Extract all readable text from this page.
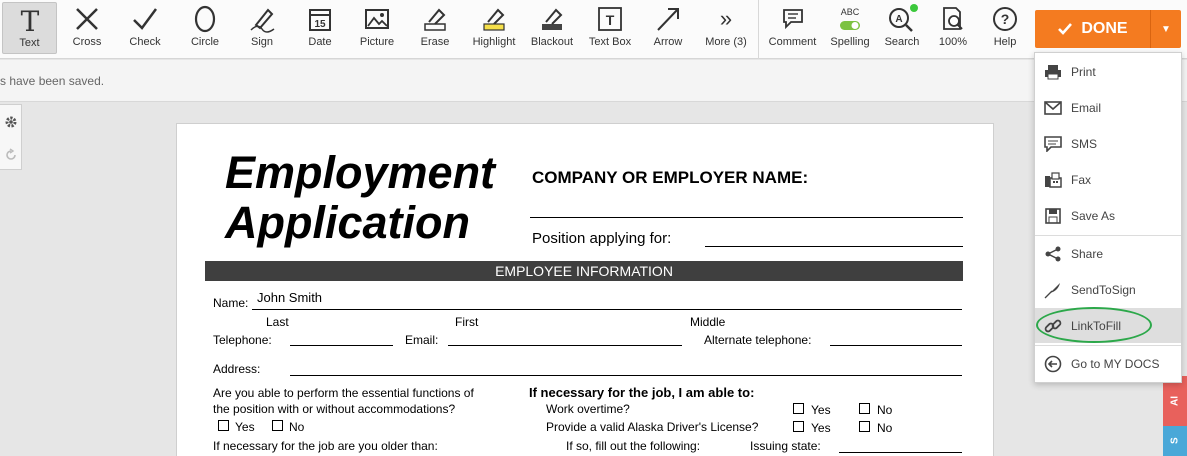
T
Text	Cross	Check	Circle	Sign
15
Date	Picture Erase Highlight Blackout
T
Text Box Arrow
»
More (3) Comment
ABC
Spelling
A
Search 100%
?
Help
DONE	▼
s have been saved.
Employment
Application
COMPANY OR EMPLOYER NAME:
Position applying for:
EMPLOYEE INFORMATION
Name: John Smith
Last	First	Middle
Telephone:	Email:	Alternate telephone:
Address:
Are you able to perform the essential functions of
the position with or without accommodations?
Yes	No
If necessary for the job are you older than:
If necessary for the job, I am able to:
Work overtime?	Yes	No
Provide a valid Alaska Driver's License?	Yes	No
If so, fill out the following:	Issuing state:
AI
S
Print
Email
SMS
Fax
Save As
Share
SendToSign
LinkToFill
Go to MY DOCS
